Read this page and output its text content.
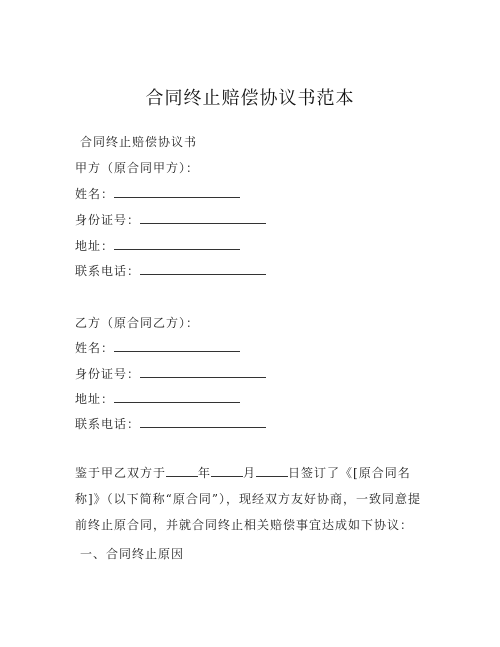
合同终止赔偿协议书范本
合同终止赔偿协议书
甲方（原合同甲方）：
姓名：
身份证号：
地址：
联系电话：
乙方（原合同乙方）：
姓名：
身份证号：
地址：
联系电话：
鉴于甲乙双方于	年	月	日签订了《[原合同名称]》（以下简称“原合同”），现经双方友好协商，一致同意提前终止原合同，并就合同终止相关赔偿事宜达成如下协议：
一、合同终止原因
